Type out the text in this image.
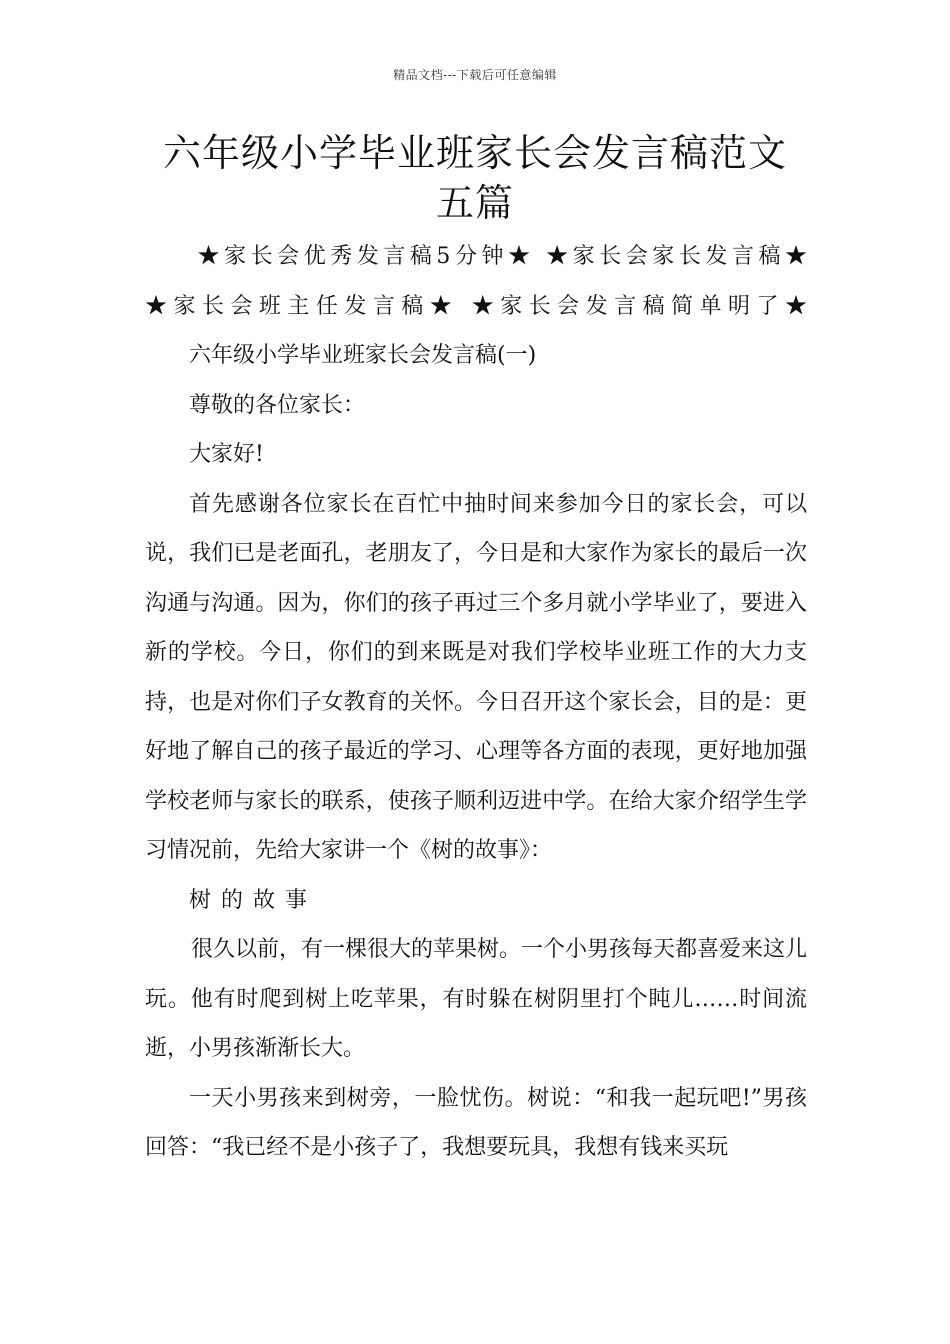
精品文档---下载后可任意编辑
六年级小学毕业班家长会发言稿范文五篇

★家长会优秀发言稿5分钟★ ★家长会家长发言稿★ ★家长会班主任发言稿★ ★家长会发言稿简单明了★

六年级小学毕业班家长会发言稿(一)

尊敬的各位家长：

大家好!

首先感谢各位家长在百忙中抽时间来参加今日的家长会，可以说，我们已是老面孔，老朋友了，今日是和大家作为家长的最后一次沟通与沟通。因为，你们的孩子再过三个多月就小学毕业了，要进入新的学校。今日，你们的到来既是对我们学校毕业班工作的大力支持，也是对你们子女教育的关怀。今日召开这个家长会，目的是：更好地了解自己的孩子最近的学习、心理等各方面的表现，更好地加强学校老师与家长的联系，使孩子顺利迈进中学。在给大家介绍学生学习情况前，先给大家讲一个《树的故事》：

树的故事

很久以前，有一棵很大的苹果树。一个小男孩每天都喜爱来这儿玩。他有时爬到树上吃苹果，有时躲在树阴里打个盹儿……时间流逝，小男孩渐渐长大。

一天小男孩来到树旁，一脸忧伤。树说：“和我一起玩吧!”男孩回答：“我已经不是小孩子了，我想要玩具，我想有钱来买玩
